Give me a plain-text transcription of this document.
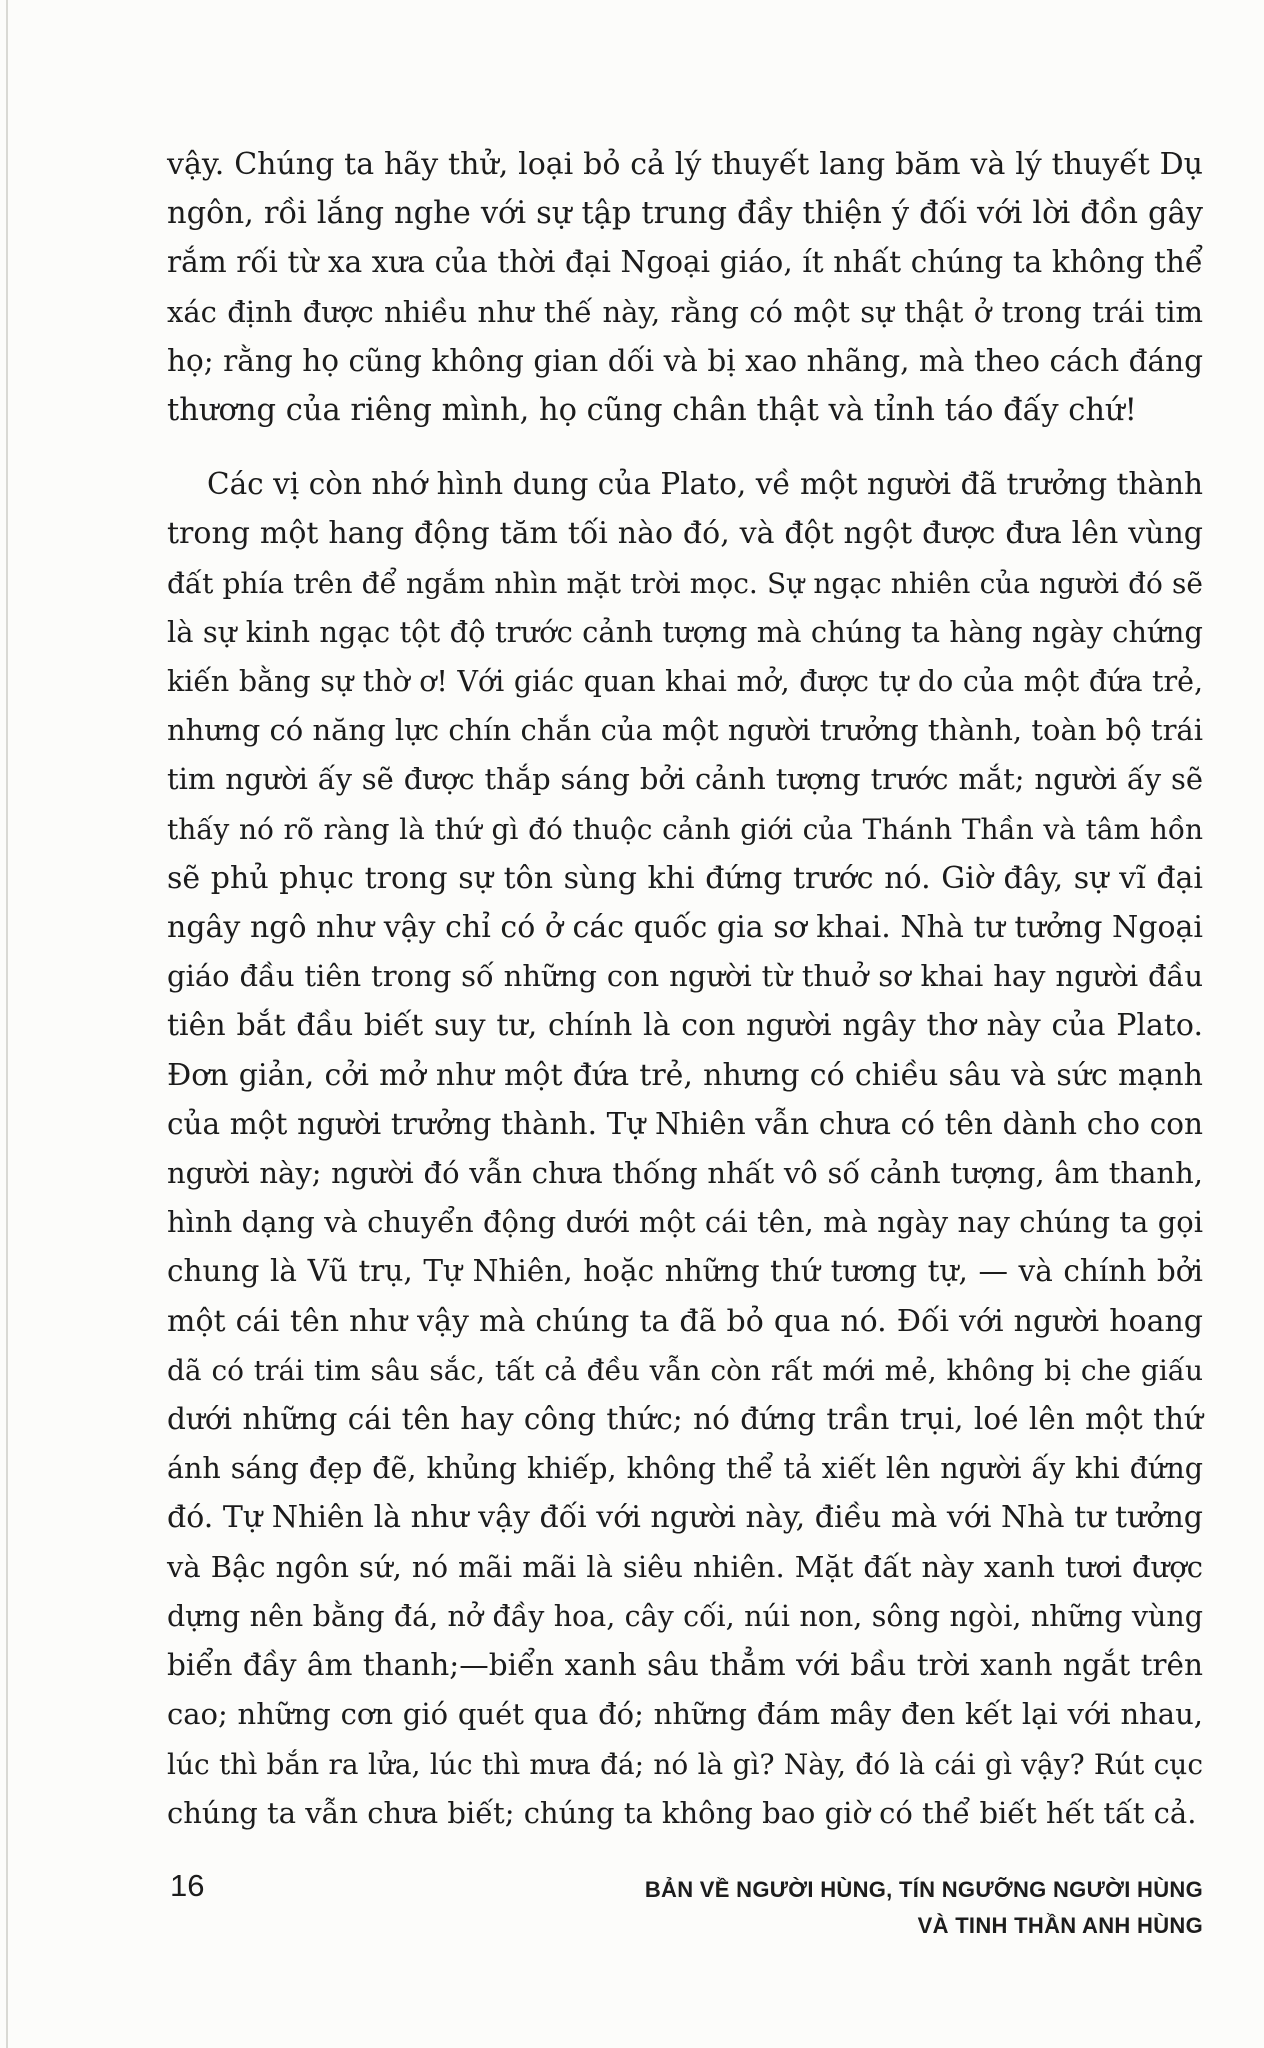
vậy. Chúng ta hãy thử, loại bỏ cả lý thuyết lang băm và lý thuyết Dụ
ngôn, rồi lắng nghe với sự tập trung đầy thiện ý đối với lời đồn gây
rắm rối từ xa xưa của thời đại Ngoại giáo, ít nhất chúng ta không thể
xác định được nhiều như thế này, rằng có một sự thật ở trong trái tim
họ; rằng họ cũng không gian dối và bị xao nhãng, mà theo cách đáng
thương của riêng mình, họ cũng chân thật và tỉnh táo đấy chứ!
Các vị còn nhớ hình dung của Plato, về một người đã trưởng thành
trong một hang động tăm tối nào đó, và đột ngột được đưa lên vùng
đất phía trên để ngắm nhìn mặt trời mọc. Sự ngạc nhiên của người đó sẽ
là sự kinh ngạc tột độ trước cảnh tượng mà chúng ta hàng ngày chứng
kiến bằng sự thờ ơ! Với giác quan khai mở, được tự do của một đứa trẻ,
nhưng có năng lực chín chắn của một người trưởng thành, toàn bộ trái
tim người ấy sẽ được thắp sáng bởi cảnh tượng trước mắt; người ấy sẽ
thấy nó rõ ràng là thứ gì đó thuộc cảnh giới của Thánh Thần và tâm hồn
sẽ phủ phục trong sự tôn sùng khi đứng trước nó. Giờ đây, sự vĩ đại
ngây ngô như vậy chỉ có ở các quốc gia sơ khai. Nhà tư tưởng Ngoại
giáo đầu tiên trong số những con người từ thuở sơ khai hay người đầu
tiên bắt đầu biết suy tư, chính là con người ngây thơ này của Plato.
Đơn giản, cởi mở như một đứa trẻ, nhưng có chiều sâu và sức mạnh
của một người trưởng thành. Tự Nhiên vẫn chưa có tên dành cho con
người này; người đó vẫn chưa thống nhất vô số cảnh tượng, âm thanh,
hình dạng và chuyển động dưới một cái tên, mà ngày nay chúng ta gọi
chung là Vũ trụ, Tự Nhiên, hoặc những thứ tương tự, — và chính bởi
một cái tên như vậy mà chúng ta đã bỏ qua nó. Đối với người hoang
dã có trái tim sâu sắc, tất cả đều vẫn còn rất mới mẻ, không bị che giấu
dưới những cái tên hay công thức; nó đứng trần trụi, loé lên một thứ
ánh sáng đẹp đẽ, khủng khiếp, không thể tả xiết lên người ấy khi đứng
đó. Tự Nhiên là như vậy đối với người này, điều mà với Nhà tư tưởng
và Bậc ngôn sứ, nó mãi mãi là siêu nhiên. Mặt đất này xanh tươi được
dựng nên bằng đá, nở đầy hoa, cây cối, núi non, sông ngòi, những vùng
biển đầy âm thanh;—biển xanh sâu thẳm với bầu trời xanh ngắt trên
cao; những cơn gió quét qua đó; những đám mây đen kết lại với nhau,
lúc thì bắn ra lửa, lúc thì mưa đá; nó là gì? Này, đó là cái gì vậy? Rút cục
chúng ta vẫn chưa biết; chúng ta không bao giờ có thể biết hết tất cả.
16	BẢN VỀ NGƯỜI HÙNG, TÍN NGƯỠNG NGƯỜI HÙNG
VÀ TINH THẦN ANH HÙNG
